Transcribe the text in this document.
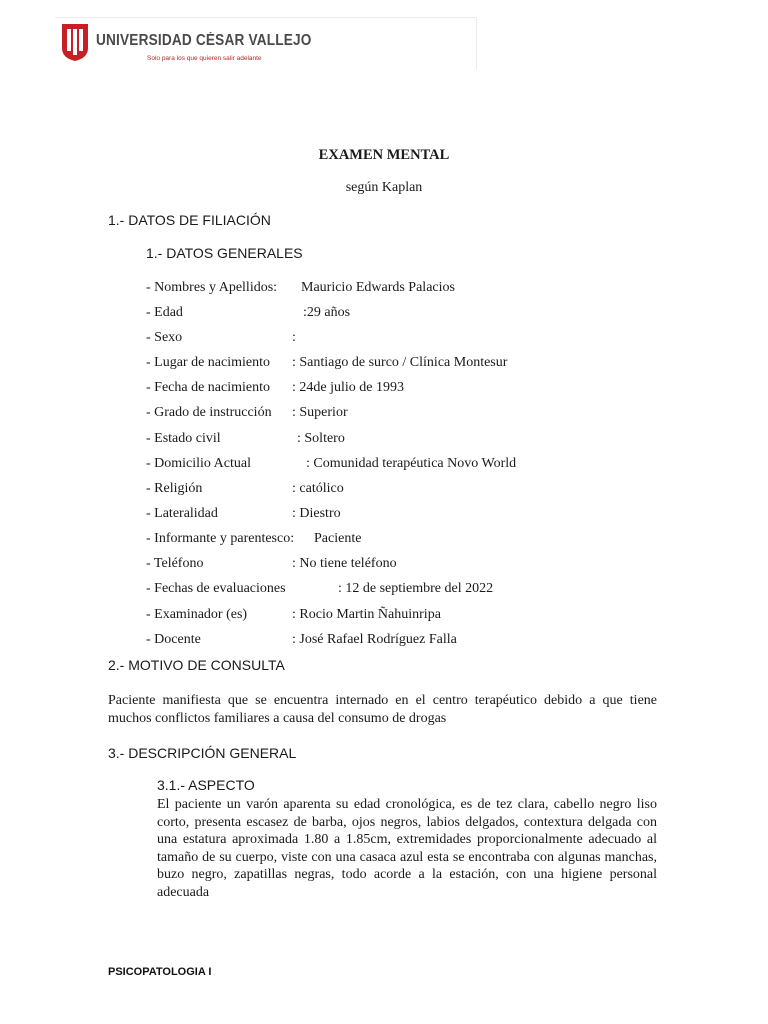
UNIVERSIDAD CÉSAR VALLEJO
Solo para los que quieren salir adelante
EXAMEN MENTAL
según Kaplan
1.- DATOS DE FILIACIÓN
1.- DATOS GENERALES
- Nombres y Apellidos: Mauricio Edwards Palacios
- Edad	:29 años
- Sexo	:
- Lugar de nacimiento : Santiago de surco / Clínica Montesur
- Fecha de nacimiento : 24de julio de 1993
- Grado de instrucción : Superior
- Estado civil	: Soltero
- Domicilio Actual	: Comunidad terapéutica Novo World
- Religión	: católico
- Lateralidad	: Diestro
- Informante y parentesco: Paciente
- Teléfono	: No tiene teléfono
- Fechas de evaluaciones	: 12 de septiembre del 2022
- Examinador (es)	: Rocio Martin Ñahuinripa
- Docente	: José Rafael Rodríguez Falla
2.- MOTIVO DE CONSULTA
Paciente manifiesta que se encuentra internado en el centro terapéutico debido a que tiene muchos conflictos familiares a causa del consumo de drogas
3.- DESCRIPCIÓN GENERAL
3.1.- ASPECTO
El paciente un varón aparenta su edad cronológica, es de tez clara, cabello negro liso corto, presenta escasez de barba, ojos negros, labios delgados, contextura delgada con una estatura aproximada 1.80 a 1.85cm, extremidades proporcionalmente adecuado al tamaño de su cuerpo, viste con una casaca azul esta se encontraba con algunas manchas, buzo negro, zapatillas negras, todo acorde a la estación, con una higiene personal adecuada
PSICOPATOLOGIA I
